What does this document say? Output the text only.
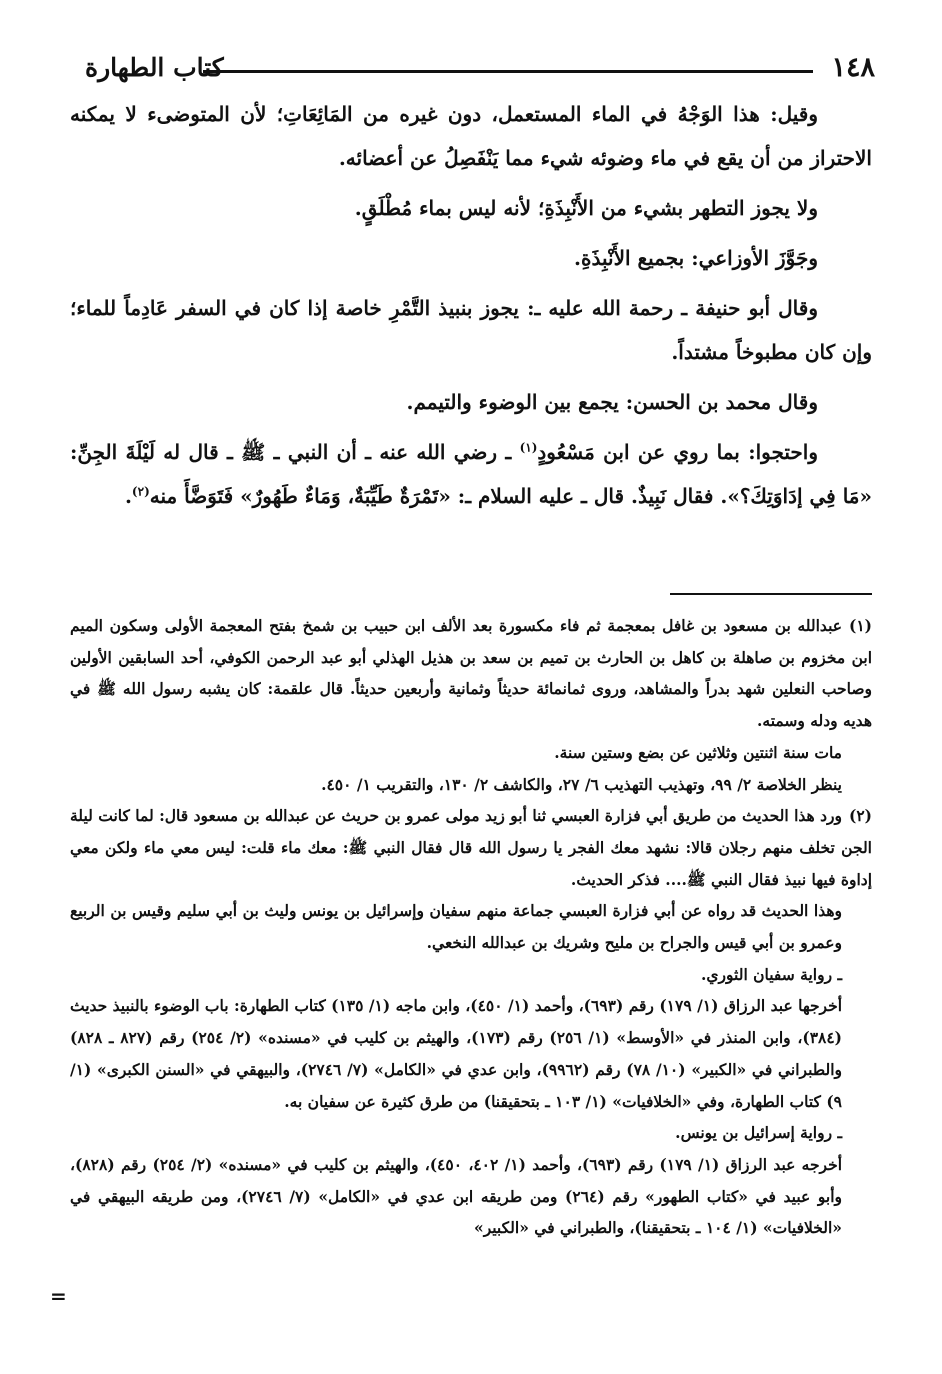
١٤٨
كتاب الطهارة

وقيل: هذا الوَجْهُ في الماء المستعمل، دون غيره من المَائِعَاتِ؛ لأن المتوضىء لا يمكنه الاحتراز من أن يقع في ماء وضوئه شيء مما يَنْفَصِلُ عن أعضائه.

ولا يجوز التطهر بشيء من الأَنْبِذَةِ؛ لأنه ليس بماء مُطْلَقٍ.

وجَوَّزَ الأوزاعي: بجميع الأَنْبِذَةِ.

وقال أبو حنيفة ـ رحمة الله عليه ـ: يجوز بنبيذ التَّمْرِ خاصة إذا كان في السفر عَادِماً للماء؛ وإن كان مطبوخاً مشتداً.

وقال محمد بن الحسن: يجمع بين الوضوء والتيمم.

واحتجوا: بما روي عن ابن مَسْعُودٍ$^{(١)}$ ـ رضي الله عنه ـ أن النبي ـ ﷺ ـ قال له لَيْلَةَ الجِنِّ: «مَا فِي إدَاوَتِكَ؟». فقال نَبِيذٌ. قال ـ عليه السلام ـ: «تَمْرَةٌ طَيِّبَةٌ، وَمَاءٌ طَهُورٌ» فَتَوَضَّأَ منه$^{(٢)}$.

(١)عبدالله بن مسعود بن غافل بمعجمة ثم فاء مكسورة بعد الألف ابن حبيب بن شمخ بفتح المعجمة الأولى وسكون الميم ابن مخزوم بن صاهلة بن كاهل بن الحارث بن تميم بن سعد بن هذيل الهذلي أبو عبد الرحمن الكوفي، أحد السابقين الأولين وصاحب النعلين شهد بدراً والمشاهد، وروى ثمانمائة حديثاً وثمانية وأربعين حديثاً. قال علقمة: كان يشبه رسول الله ﷺ في هديه ودله وسمته.

مات سنة اثنتين وثلاثين عن بضع وستين سنة.

ينظر الخلاصة ٢/ ٩٩، وتهذيب التهذيب ٦/ ٢٧، والكاشف ٢/ ١٣٠، والتقريب ١/ ٤٥٠.

(٢)ورد هذا الحديث من طريق أبي فزارة العبسي ثنا أبو زيد مولى عمرو بن حريث عن عبدالله بن مسعود قال: لما كانت ليلة الجن تخلف منهم رجلان قالا: نشهد معك الفجر يا رسول الله قال فقال النبي ﷺ: معك ماء قلت: ليس معي ماء ولكن معي إداوة فيها نبيذ فقال النبي ﷺ.... فذكر الحديث.

وهذا الحديث قد رواه عن أبي فزارة العبسي جماعة منهم سفيان وإسرائيل بن يونس وليث بن أبي سليم وقيس بن الربيع وعمرو بن أبي قيس والجراح بن مليح وشريك بن عبدالله النخعي.

ـ رواية سفيان الثوري.

أخرجها عبد الرزاق (١/ ١٧٩) رقم (٦٩٣)، وأحمد (١/ ٤٥٠)، وابن ماجه (١/ ١٣٥) كتاب الطهارة: باب الوضوء بالنبيذ حديث (٣٨٤)، وابن المنذر في «الأوسط» (١/ ٢٥٦) رقم (١٧٣)، والهيثم بن كليب في «مسنده» (٢/ ٢٥٤) رقم (٨٢٧ ـ ٨٢٨) والطبراني في «الكبير» (١٠/ ٧٨) رقم (٩٩٦٢)، وابن عدي في «الكامل» (٧/ ٢٧٤٦)، والبيهقي في «السنن الكبرى» (١/ ٩) كتاب الطهارة، وفي «الخلافيات» (١/ ١٠٣ ـ بتحقيقنا) من طرق كثيرة عن سفيان به.

ـ رواية إسرائيل بن يونس.

أخرجه عبد الرزاق (١/ ١٧٩) رقم (٦٩٣)، وأحمد (١/ ٤٠٢، ٤٥٠)، والهيثم بن كليب في «مسنده» (٢/ ٢٥٤) رقم (٨٢٨)، وأبو عبيد في «كتاب الطهور» رقم (٢٦٤) ومن طريقه ابن عدي في «الكامل» (٧/ ٢٧٤٦)، ومن طريقه البيهقي في «الخلافيات» (١/ ١٠٤ ـ بتحقيقنا)، والطبراني في «الكبير»

=
